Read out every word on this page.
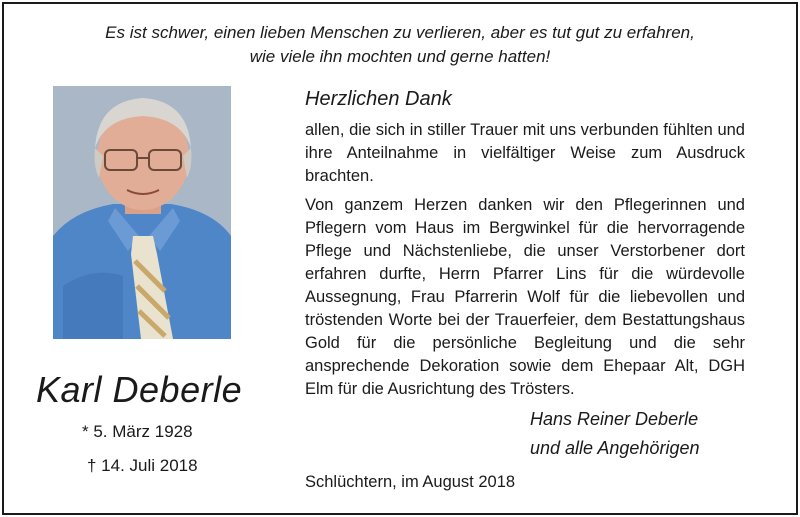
Es ist schwer, einen lieben Menschen zu verlieren, aber es tut gut zu erfahren,
wie viele ihn mochten und gerne hatten!
Karl Deberle
* 5. März 1928
† 14. Juli 2018
Herzlichen Dank

allen, die sich in stiller Trauer mit uns verbunden fühlten und ihre Anteilnahme in vielfältiger Weise zum Ausdruck brachten.

Von ganzem Herzen danken wir den Pflegerinnen und Pflegern vom Haus im Bergwinkel für die hervorragende Pflege und Nächstenliebe, die unser Verstorbener dort erfahren durfte, Herrn Pfarrer Lins für die würdevolle Aussegnung, Frau Pfarrerin Wolf für die liebevollen und tröstenden Worte bei der Trauerfeier, dem Bestattungshaus Gold für die persönliche Begleitung und die sehr ansprechende Dekoration sowie dem Ehepaar Alt, DGH Elm für die Ausrichtung des Trösters.

Hans Reiner Deberle
und alle Angehörigen
Schlüchtern, im August 2018
